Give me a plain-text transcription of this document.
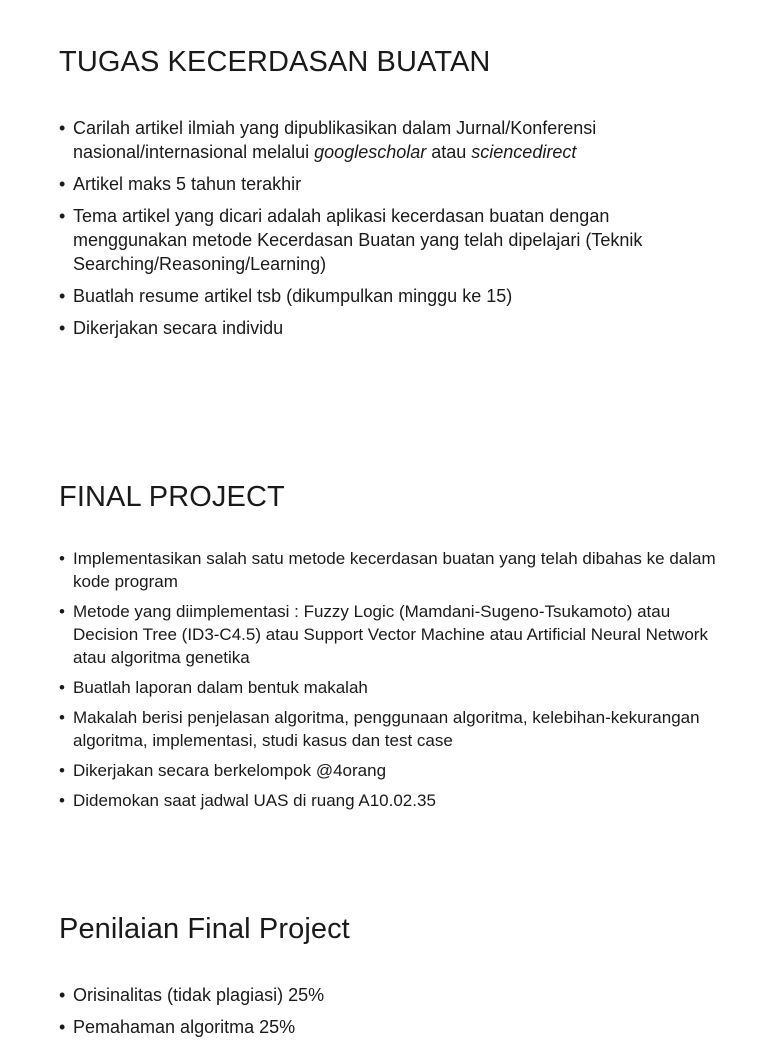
TUGAS KECERDASAN BUATAN
• Carilah artikel ilmiah yang dipublikasikan dalam Jurnal/Konferensi nasional/internasional melalui googlescholar atau sciencedirect
• Artikel maks 5 tahun terakhir
• Tema artikel yang dicari adalah aplikasi kecerdasan buatan dengan menggunakan metode Kecerdasan Buatan yang telah dipelajari (Teknik Searching/Reasoning/Learning)
• Buatlah resume artikel tsb (dikumpulkan minggu ke 15)
• Dikerjakan secara individu
FINAL PROJECT
• Implementasikan salah satu metode kecerdasan buatan yang telah dibahas ke dalam kode program
• Metode yang diimplementasi : Fuzzy Logic (Mamdani-Sugeno-Tsukamoto) atau Decision Tree (ID3-C4.5) atau Support Vector Machine atau Artificial Neural Network atau algoritma genetika
• Buatlah laporan dalam bentuk makalah
• Makalah berisi penjelasan algoritma, penggunaan algoritma, kelebihan-kekurangan algoritma, implementasi, studi kasus dan test case
• Dikerjakan secara berkelompok @4orang
• Didemokan saat jadwal UAS di ruang A10.02.35
Penilaian Final Project
• Orisinalitas (tidak plagiasi) 25%
• Pemahaman algoritma 25%
